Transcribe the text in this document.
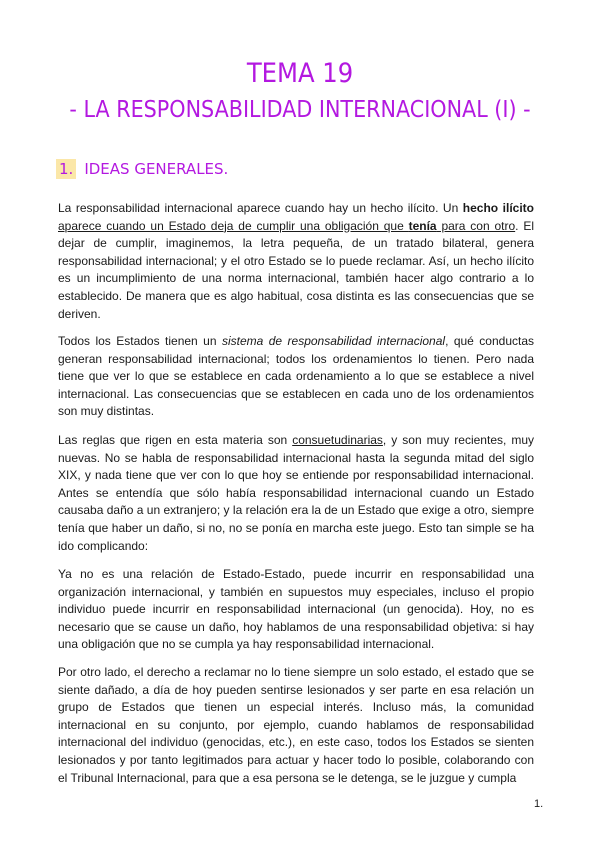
TEMA 19
- LA RESPONSABILIDAD INTERNACIONAL (I) -
1. IDEAS GENERALES.

La responsabilidad internacional aparece cuando hay un hecho ilícito. Un hecho ilícito aparece cuando un Estado deja de cumplir una obligación que tenía para con otro. El dejar de cumplir, imaginemos, la letra pequeña, de un tratado bilateral, genera responsabilidad internacional; y el otro Estado se lo puede reclamar. Así, un hecho ilícito es un incumplimiento de una norma internacional, también hacer algo contrario a lo establecido. De manera que es algo habitual, cosa distinta es las consecuencias que se deriven.

Todos los Estados tienen un sistema de responsabilidad internacional, qué conductas generan responsabilidad internacional; todos los ordenamientos lo tienen. Pero nada tiene que ver lo que se establece en cada ordenamiento a lo que se establece a nivel internacional. Las consecuencias que se establecen en cada uno de los ordenamientos son muy distintas.

Las reglas que rigen en esta materia son consuetudinarias, y son muy recientes, muy nuevas. No se habla de responsabilidad internacional hasta la segunda mitad del siglo XIX, y nada tiene que ver con lo que hoy se entiende por responsabilidad internacional. Antes se entendía que sólo había responsabilidad internacional cuando un Estado causaba daño a un extranjero; y la relación era la de un Estado que exige a otro, siempre tenía que haber un daño, si no, no se ponía en marcha este juego. Esto tan simple se ha ido complicando:

Ya no es una relación de Estado-Estado, puede incurrir en responsabilidad una organización internacional, y también en supuestos muy especiales, incluso el propio individuo puede incurrir en responsabilidad internacional (un genocida). Hoy, no es necesario que se cause un daño, hoy hablamos de una responsabilidad objetiva: si hay una obligación que no se cumpla ya hay responsabilidad internacional.

Por otro lado, el derecho a reclamar no lo tiene siempre un solo estado, el estado que se siente dañado, a día de hoy pueden sentirse lesionados y ser parte en esa relación un grupo de Estados que tienen un especial interés. Incluso más, la comunidad internacional en su conjunto, por ejemplo, cuando hablamos de responsabilidad internacional del individuo (genocidas, etc.), en este caso, todos los Estados se sienten lesionados y por tanto legitimados para actuar y hacer todo lo posible, colaborando con el Tribunal Internacional, para que a esa persona se le detenga, se le juzgue y cumpla

1.
